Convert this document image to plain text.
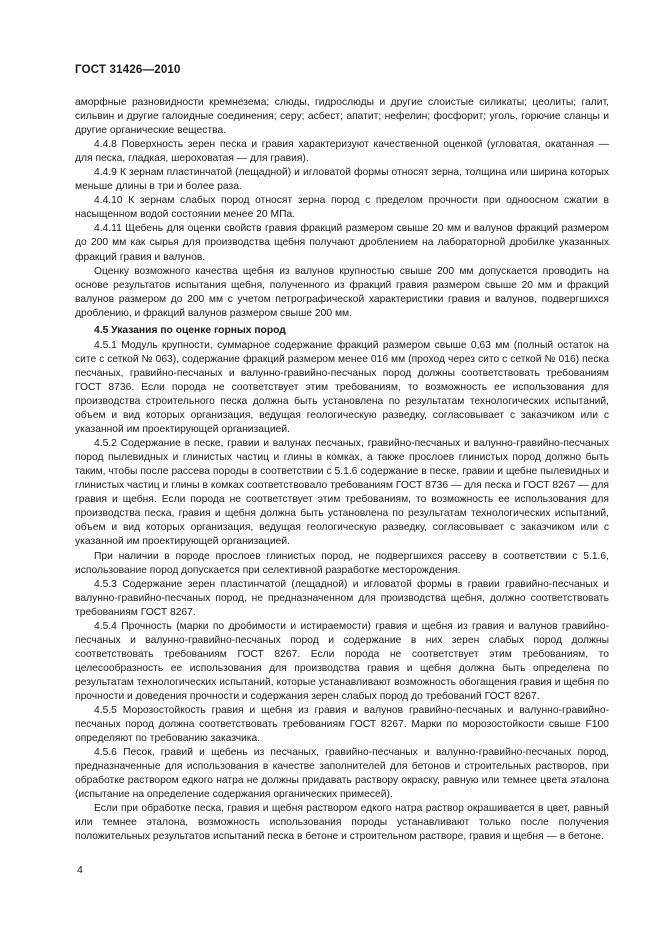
ГОСТ 31426—2010

аморфные разновидности кремнезема; слюды, гидрослюды и другие слоистые силикаты; цеолиты; галит, сильвин и другие галоидные соединения; серу; асбест; апатит; нефелин; фосфорит; уголь, горючие сланцы и другие органические вещества.

4.4.8 Поверхность зерен песка и гравия характеризуют качественной оценкой (угловатая, окатанная — для песка, гладкая, шероховатая — для гравия).

4.4.9 К зернам пластинчатой (лещадной) и игловатой формы относят зерна, толщина или ширина которых меньше длины в три и более раза.

4.4.10 К зернам слабых пород относят зерна пород с пределом прочности при одноосном сжатии в насыщенном водой состоянии менее 20 МПа.

4.4.11 Щебень для оценки свойств гравия фракций размером свыше 20 мм и валунов фракций размером до 200 мм как сырья для производства щебня получают дроблением на лабораторной дробилке указанных фракций гравия и валунов.

Оценку возможного качества щебня из валунов крупностью свыше 200 мм допускается проводить на основе результатов испытания щебня, полученного из фракций гравия размером свыше 20 мм и фракций валунов размером до 200 мм с учетом петрографической характеристики гравия и валунов, подвергшихся дроблению, и фракций валунов размером свыше 200 мм.

4.5 Указания по оценке горных пород

4.5.1 Модуль крупности, суммарное содержание фракций размером свыше 0,63 мм (полный остаток на сите с сеткой № 063), содержание фракций размером менее 016 мм (проход через сито с сеткой № 016) песка песчаных, гравийно-песчаных и валунно-гравийно-песчаных пород должны соответствовать требованиям ГОСТ 8736. Если порода не соответствует этим требованиям, то возможность ее использования для производства строительного песка должна быть установлена по результатам технологических испытаний, объем и вид которых организация, ведущая геологическую разведку, согласовывает с заказчиком или с указанной им проектирующей организацией.

4.5.2 Содержание в песке, гравии и валунах песчаных, гравийно-песчаных и валунно-гравийно-песчаных пород пылевидных и глинистых частиц и глины в комках, а также прослоев глинистых пород должно быть таким, чтобы после рассева породы в соответствии с 5.1.6 содержание в песке, гравии и щебне пылевидных и глинистых частиц и глины в комках соответствовало требованиям ГОСТ 8736 — для песка и ГОСТ 8267 — для гравия и щебня. Если порода не соответствует этим требованиям, то возможность ее использования для производства песка, гравия и щебня должна быть установлена по результатам технологических испытаний, объем и вид которых организация, ведущая геологическую разведку, согласовывает с заказчиком или с указанной им проектирующей организацией.

При наличии в породе прослоев глинистых пород, не подвергшихся рассеву в соответствии с 5.1.6, использование пород допускается при селективной разработке месторождения.

4.5.3 Содержание зерен пластинчатой (лещадной) и игловатой формы в гравии гравийно-песчаных и валунно-гравийно-песчаных пород, не предназначенном для производства щебня, должно соответствовать требованиям ГОСТ 8267.

4.5.4 Прочность (марки по дробимости и истираемости) гравия и щебня из гравия и валунов гравийно-песчаных и валунно-гравийно-песчаных пород и содержание в них зерен слабых пород должны соответствовать требованиям ГОСТ 8267. Если порода не соответствует этим требованиям, то целесообразность ее использования для производства гравия и щебня должна быть определена по результатам технологических испытаний, которые устанавливают возможность обогащения гравия и щебня по прочности и доведения прочности и содержания зерен слабых пород до требований ГОСТ 8267.

4.5.5 Морозостойкость гравия и щебня из гравия и валунов гравийно-песчаных и валунно-гравийно-песчаных пород должна соответствовать требованиям ГОСТ 8267. Марки по морозостойкости свыше F100 определяют по требованию заказчика.

4.5.6 Песок, гравий и щебень из песчаных, гравийно-песчаных и валунно-гравийно-песчаных пород, предназначенные для использования в качестве заполнителей для бетонов и строительных растворов, при обработке раствором едкого натра не должны придавать раствору окраску, равную или темнее цвета эталона (испытание на определение содержания органических примесей).

Если при обработке песка, гравия и щебня раствором едкого натра раствор окрашивается в цвет, равный или темнее эталона, возможность использования породы устанавливают только после получения положительных результатов испытаний песка в бетоне и строительном растворе, гравия и щебня — в бетоне.

4
